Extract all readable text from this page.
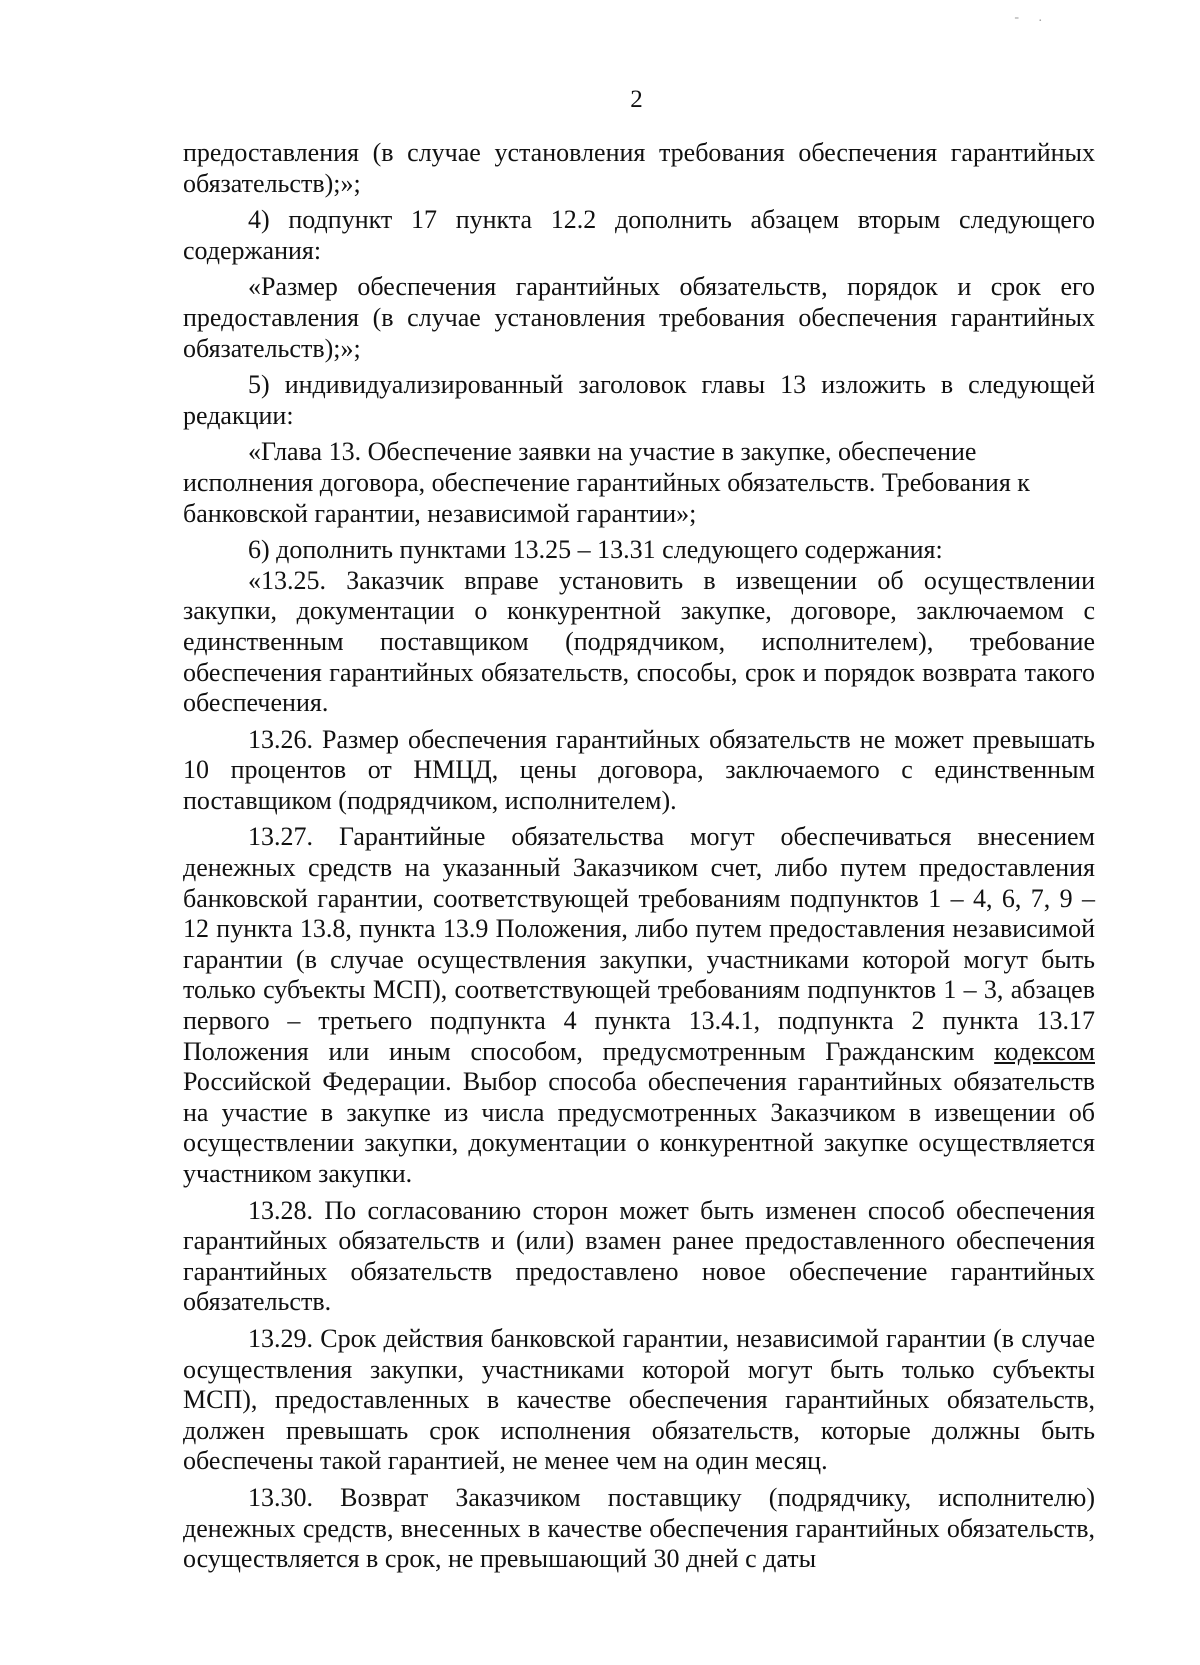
- .
2

предоставления (в случае установления требования обеспечения гарантийных обязательств);»;

4) подпункт 17 пункта 12.2 дополнить абзацем вторым следующего содержания:

«Размер обеспечения гарантийных обязательств, порядок и срок его предоставления (в случае установления требования обеспечения гарантийных обязательств);»;

5) индивидуализированный заголовок главы 13 изложить в следующей редакции:

«Глава 13. Обеспечение заявки на участие в закупке, обеспечение исполнения договора, обеспечение гарантийных обязательств. Требования к банковской гарантии, независимой гарантии»;

6) дополнить пунктами 13.25 – 13.31 следующего содержания:

«13.25. Заказчик вправе установить в извещении об осуществлении закупки, документации о конкурентной закупке, договоре, заключаемом с единственным поставщиком (подрядчиком, исполнителем), требование обеспечения гарантийных обязательств, способы, срок и порядок возврата такого обеспечения.

13.26. Размер обеспечения гарантийных обязательств не может превышать 10 процентов от НМЦД, цены договора, заключаемого с единственным поставщиком (подрядчиком, исполнителем).

13.27. Гарантийные обязательства могут обеспечиваться внесением денежных средств на указанный Заказчиком счет, либо путем предоставления банковской гарантии, соответствующей требованиям подпунктов 1 – 4, 6, 7, 9 – 12 пункта 13.8, пункта 13.9 Положения, либо путем предоставления независимой гарантии (в случае осуществления закупки, участниками которой могут быть только субъекты МСП), соответствующей требованиям подпунктов 1 – 3, абзацев первого – третьего подпункта 4 пункта 13.4.1, подпункта 2 пункта 13.17 Положения или иным способом, предусмотренным Гражданским кодексом Российской Федерации. Выбор способа обеспечения гарантийных обязательств на участие в закупке из числа предусмотренных Заказчиком в извещении об осуществлении закупки, документации о конкурентной закупке осуществляется участником закупки.

13.28. По согласованию сторон может быть изменен способ обеспечения гарантийных обязательств и (или) взамен ранее предоставленного обеспечения гарантийных обязательств предоставлено новое обеспечение гарантийных обязательств.

13.29. Срок действия банковской гарантии, независимой гарантии (в случае осуществления закупки, участниками которой могут быть только субъекты МСП), предоставленных в качестве обеспечения гарантийных обязательств, должен превышать срок исполнения обязательств, которые должны быть обеспечены такой гарантией, не менее чем на один месяц.

13.30. Возврат Заказчиком поставщику (подрядчику, исполнителю) денежных средств, внесенных в качестве обеспечения гарантийных обязательств, осуществляется в срок, не превышающий 30 дней с даты
